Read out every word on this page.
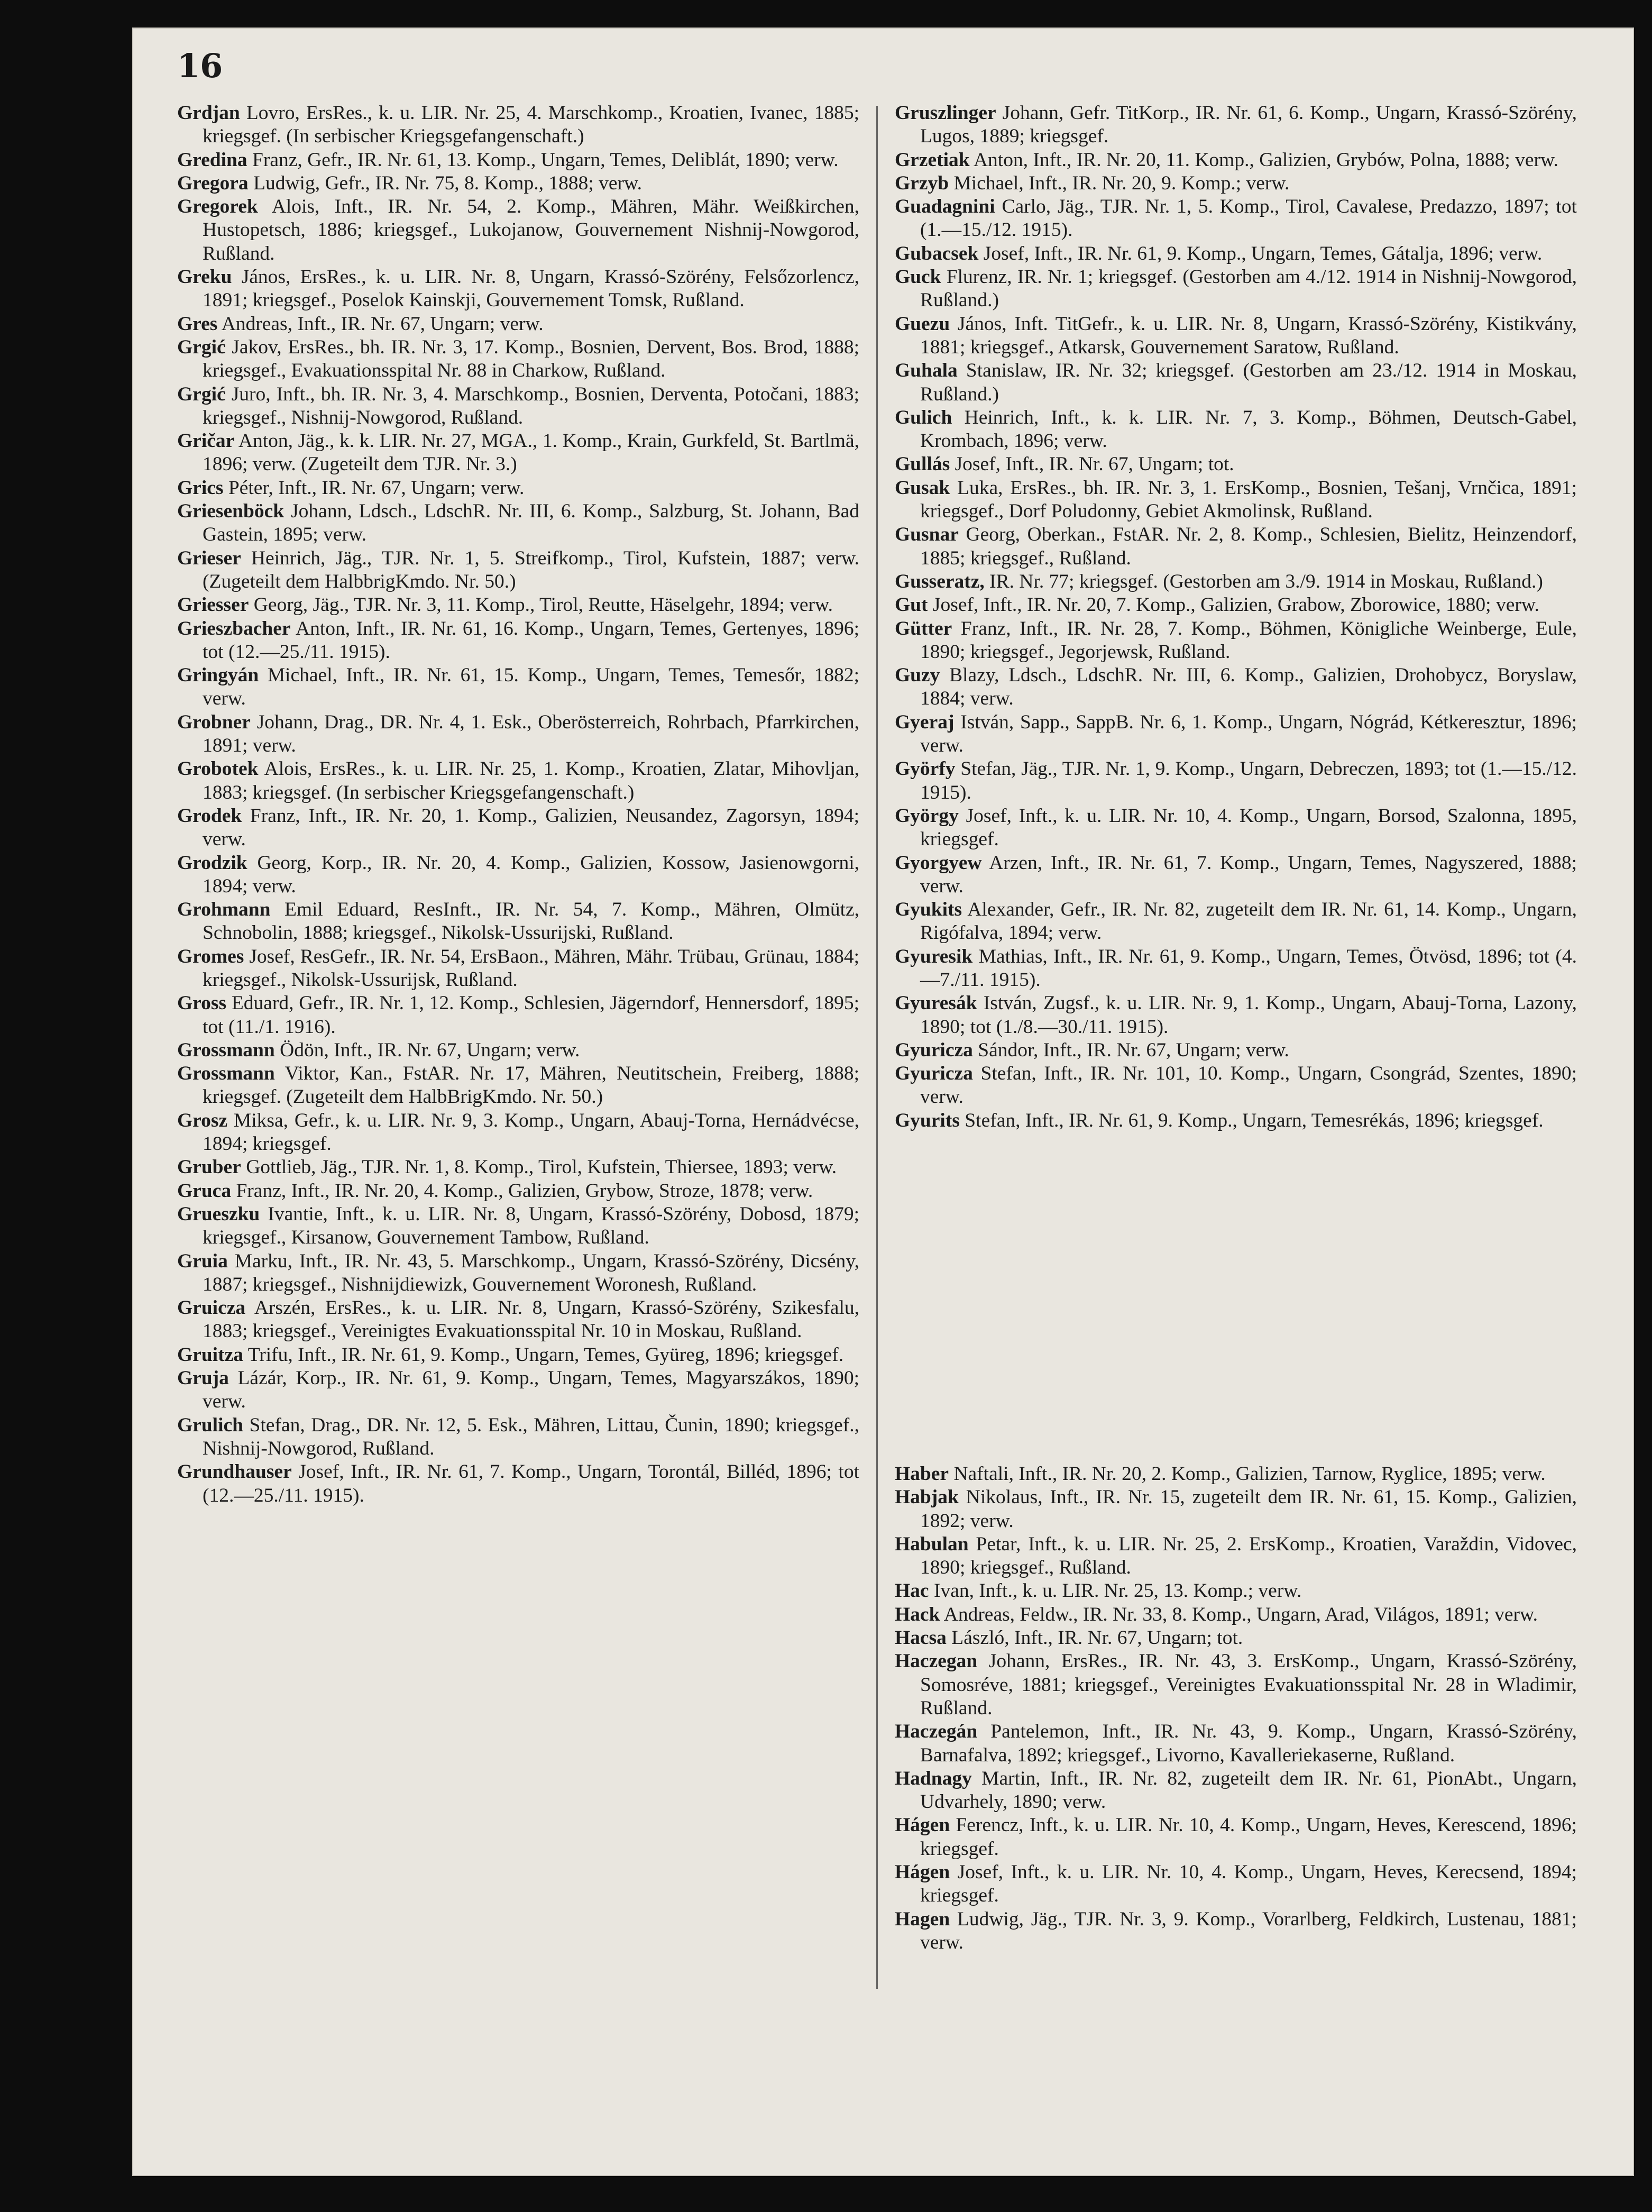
16

Grdjan Lovro, ErsRes., k. u. LIR. Nr. 25, 4. Marschkomp., Kroatien, Ivanec, 1885; kriegsgef. (In serbischer Kriegsgefangenschaft.)

Gredina Franz, Gefr., IR. Nr. 61, 13. Komp., Ungarn, Temes, Deliblát, 1890; verw.

Gregora Ludwig, Gefr., IR. Nr. 75, 8. Komp., 1888; verw.

Gregorek Alois, Inft., IR. Nr. 54, 2. Komp., Mähren, Mähr. Weißkirchen, Hustopetsch, 1886; kriegsgef., Lukojanow, Gouvernement Nishnij-Nowgorod, Rußland.

Greku János, ErsRes., k. u. LIR. Nr. 8, Ungarn, Krassó-Szörény, Felsőzorlencz, 1891; kriegsgef., Poselok Kainskji, Gouvernement Tomsk, Rußland.

Gres Andreas, Inft., IR. Nr. 67, Ungarn; verw.

Grgić Jakov, ErsRes., bh. IR. Nr. 3, 17. Komp., Bosnien, Dervent, Bos. Brod, 1888; kriegsgef., Evakuationsspital Nr. 88 in Charkow, Rußland.

Grgić Juro, Inft., bh. IR. Nr. 3, 4. Marschkomp., Bosnien, Derventa, Potočani, 1883; kriegsgef., Nishnij-Nowgorod, Rußland.

Gričar Anton, Jäg., k. k. LIR. Nr. 27, MGA., 1. Komp., Krain, Gurkfeld, St. Bartlmä, 1896; verw. (Zugeteilt dem TJR. Nr. 3.)

Grics Péter, Inft., IR. Nr. 67, Ungarn; verw.

Griesenböck Johann, Ldsch., LdschR. Nr. III, 6. Komp., Salzburg, St. Johann, Bad Gastein, 1895; verw.

Grieser Heinrich, Jäg., TJR. Nr. 1, 5. Streifkomp., Tirol, Kufstein, 1887; verw. (Zugeteilt dem HalbbrigKmdo. Nr. 50.)

Griesser Georg, Jäg., TJR. Nr. 3, 11. Komp., Tirol, Reutte, Häselgehr, 1894; verw.

Grieszbacher Anton, Inft., IR. Nr. 61, 16. Komp., Ungarn, Temes, Gertenyes, 1896; tot (12.—25./11. 1915).

Gringyán Michael, Inft., IR. Nr. 61, 15. Komp., Ungarn, Temes, Temesőr, 1882; verw.

Grobner Johann, Drag., DR. Nr. 4, 1. Esk., Oberösterreich, Rohrbach, Pfarrkirchen, 1891; verw.

Grobotek Alois, ErsRes., k. u. LIR. Nr. 25, 1. Komp., Kroatien, Zlatar, Mihovljan, 1883; kriegsgef. (In serbischer Kriegsgefangenschaft.)

Grodek Franz, Inft., IR. Nr. 20, 1. Komp., Galizien, Neusandez, Zagorsyn, 1894; verw.

Grodzik Georg, Korp., IR. Nr. 20, 4. Komp., Galizien, Kossow, Jasienowgorni, 1894; verw.

Grohmann Emil Eduard, ResInft., IR. Nr. 54, 7. Komp., Mähren, Olmütz, Schnobolin, 1888; kriegsgef., Nikolsk-Ussurijski, Rußland.

Gromes Josef, ResGefr., IR. Nr. 54, ErsBaon., Mähren, Mähr. Trübau, Grünau, 1884; kriegsgef., Nikolsk-Ussurijsk, Rußland.

Gross Eduard, Gefr., IR. Nr. 1, 12. Komp., Schlesien, Jägerndorf, Hennersdorf, 1895; tot (11./1. 1916).

Grossmann Ödön, Inft., IR. Nr. 67, Ungarn; verw.

Grossmann Viktor, Kan., FstAR. Nr. 17, Mähren, Neutitschein, Freiberg, 1888; kriegsgef. (Zugeteilt dem HalbBrigKmdo. Nr. 50.)

Grosz Miksa, Gefr., k. u. LIR. Nr. 9, 3. Komp., Ungarn, Abauj-Torna, Hernádvécse, 1894; kriegsgef.

Gruber Gottlieb, Jäg., TJR. Nr. 1, 8. Komp., Tirol, Kufstein, Thiersee, 1893; verw.

Gruca Franz, Inft., IR. Nr. 20, 4. Komp., Galizien, Grybow, Stroze, 1878; verw.

Grueszku Ivantie, Inft., k. u. LIR. Nr. 8, Ungarn, Krassó-Szörény, Dobosd, 1879; kriegsgef., Kirsanow, Gouvernement Tambow, Rußland.

Gruia Marku, Inft., IR. Nr. 43, 5. Marschkomp., Ungarn, Krassó-Szörény, Dicsény, 1887; kriegsgef., Nishnijdiewizk, Gouvernement Woronesh, Rußland.

Gruicza Arszén, ErsRes., k. u. LIR. Nr. 8, Ungarn, Krassó-Szörény, Szikesfalu, 1883; kriegsgef., Vereinigtes Evakuationsspital Nr. 10 in Moskau, Rußland.

Gruitza Trifu, Inft., IR. Nr. 61, 9. Komp., Ungarn, Temes, Gyüreg, 1896; kriegsgef.

Gruja Lázár, Korp., IR. Nr. 61, 9. Komp., Ungarn, Temes, Magyarszákos, 1890; verw.

Grulich Stefan, Drag., DR. Nr. 12, 5. Esk., Mähren, Littau, Čunin, 1890; kriegsgef., Nishnij-Nowgorod, Rußland.

Grundhauser Josef, Inft., IR. Nr. 61, 7. Komp., Ungarn, Torontál, Billéd, 1896; tot (12.—25./11. 1915).

Gruszlinger Johann, Gefr. TitKorp., IR. Nr. 61, 6. Komp., Ungarn, Krassó-Szörény, Lugos, 1889; kriegsgef.

Grzetiak Anton, Inft., IR. Nr. 20, 11. Komp., Galizien, Grybów, Polna, 1888; verw.

Grzyb Michael, Inft., IR. Nr. 20, 9. Komp.; verw.

Guadagnini Carlo, Jäg., TJR. Nr. 1, 5. Komp., Tirol, Cavalese, Predazzo, 1897; tot (1.—15./12. 1915).

Gubacsek Josef, Inft., IR. Nr. 61, 9. Komp., Ungarn, Temes, Gátalja, 1896; verw.

Guck Flurenz, IR. Nr. 1; kriegsgef. (Gestorben am 4./12. 1914 in Nishnij-Nowgorod, Rußland.)

Guezu János, Inft. TitGefr., k. u. LIR. Nr. 8, Ungarn, Krassó-Szörény, Kistikvány, 1881; kriegsgef., Atkarsk, Gouvernement Saratow, Rußland.

Guhala Stanislaw, IR. Nr. 32; kriegsgef. (Gestorben am 23./12. 1914 in Moskau, Rußland.)

Gulich Heinrich, Inft., k. k. LIR. Nr. 7, 3. Komp., Böhmen, Deutsch-Gabel, Krombach, 1896; verw.

Gullás Josef, Inft., IR. Nr. 67, Ungarn; tot.

Gusak Luka, ErsRes., bh. IR. Nr. 3, 1. ErsKomp., Bosnien, Tešanj, Vrnčica, 1891; kriegsgef., Dorf Poludonny, Gebiet Akmolinsk, Rußland.

Gusnar Georg, Oberkan., FstAR. Nr. 2, 8. Komp., Schlesien, Bielitz, Heinzendorf, 1885; kriegsgef., Rußland.

Gusseratz, IR. Nr. 77; kriegsgef. (Gestorben am 3./9. 1914 in Moskau, Rußland.)

Gut Josef, Inft., IR. Nr. 20, 7. Komp., Galizien, Grabow, Zborowice, 1880; verw.

Gütter Franz, Inft., IR. Nr. 28, 7. Komp., Böhmen, Königliche Weinberge, Eule, 1890; kriegsgef., Jegorjewsk, Rußland.

Guzy Blazy, Ldsch., LdschR. Nr. III, 6. Komp., Galizien, Drohobycz, Boryslaw, 1884; verw.

Gyeraj István, Sapp., SappB. Nr. 6, 1. Komp., Ungarn, Nógrád, Kétkeresztur, 1896; verw.

Györfy Stefan, Jäg., TJR. Nr. 1, 9. Komp., Ungarn, Debreczen, 1893; tot (1.—15./12. 1915).

György Josef, Inft., k. u. LIR. Nr. 10, 4. Komp., Ungarn, Borsod, Szalonna, 1895, kriegsgef.

Gyorgyew Arzen, Inft., IR. Nr. 61, 7. Komp., Ungarn, Temes, Nagyszered, 1888; verw.

Gyukits Alexander, Gefr., IR. Nr. 82, zugeteilt dem IR. Nr. 61, 14. Komp., Ungarn, Rigófalva, 1894; verw.

Gyuresik Mathias, Inft., IR. Nr. 61, 9. Komp., Ungarn, Temes, Ötvösd, 1896; tot (4.—7./11. 1915).

Gyuresák István, Zugsf., k. u. LIR. Nr. 9, 1. Komp., Ungarn, Abauj-Torna, Lazony, 1890; tot (1./8.—30./11. 1915).

Gyuricza Sándor, Inft., IR. Nr. 67, Ungarn; verw.

Gyuricza Stefan, Inft., IR. Nr. 101, 10. Komp., Ungarn, Csongrád, Szentes, 1890; verw.

Gyurits Stefan, Inft., IR. Nr. 61, 9. Komp., Ungarn, Temesrékás, 1896; kriegsgef.

Haber Naftali, Inft., IR. Nr. 20, 2. Komp., Galizien, Tarnow, Ryglice, 1895; verw.

Habjak Nikolaus, Inft., IR. Nr. 15, zugeteilt dem IR. Nr. 61, 15. Komp., Galizien, 1892; verw.

Habulan Petar, Inft., k. u. LIR. Nr. 25, 2. ErsKomp., Kroatien, Varaždin, Vidovec, 1890; kriegsgef., Rußland.

Hac Ivan, Inft., k. u. LIR. Nr. 25, 13. Komp.; verw.

Hack Andreas, Feldw., IR. Nr. 33, 8. Komp., Ungarn, Arad, Világos, 1891; verw.

Hacsa László, Inft., IR. Nr. 67, Ungarn; tot.

Haczegan Johann, ErsRes., IR. Nr. 43, 3. ErsKomp., Ungarn, Krassó-Szörény, Somosréve, 1881; kriegsgef., Vereinigtes Evakuationsspital Nr. 28 in Wladimir, Rußland.

Haczegán Pantelemon, Inft., IR. Nr. 43, 9. Komp., Ungarn, Krassó-Szörény, Barnafalva, 1892; kriegsgef., Livorno, Kavalleriekaserne, Rußland.

Hadnagy Martin, Inft., IR. Nr. 82, zugeteilt dem IR. Nr. 61, PionAbt., Ungarn, Udvarhely, 1890; verw.

Hágen Ferencz, Inft., k. u. LIR. Nr. 10, 4. Komp., Ungarn, Heves, Kerescend, 1896; kriegsgef.

Hágen Josef, Inft., k. u. LIR. Nr. 10, 4. Komp., Ungarn, Heves, Kerecsend, 1894; kriegsgef.

Hagen Ludwig, Jäg., TJR. Nr. 3, 9. Komp., Vorarlberg, Feldkirch, Lustenau, 1881; verw.
